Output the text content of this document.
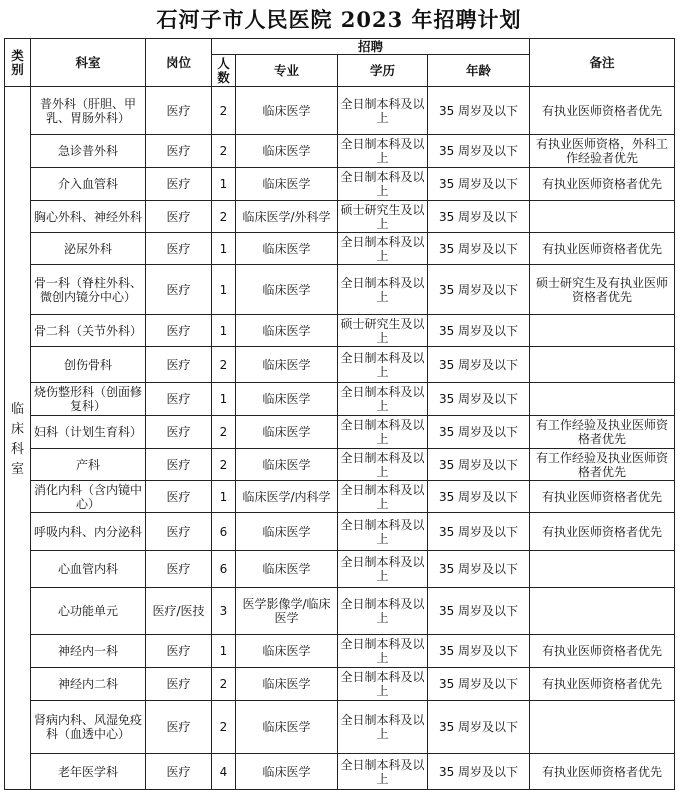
石河子市人民医院 2023 年招聘计划
类别	科室	岗位	招聘				备注
			人数	专业	学历	年龄	
临床科室	普外科（肝胆、甲乳、胃肠外科）	医疗	2	临床医学	全日制本科及以上	35 周岁及以下	有执业医师资格者优先
	急诊普外科	医疗	2	临床医学	全日制本科及以上	35 周岁及以下	有执业医师资格，外科工作经验者优先
	介入血管科	医疗	1	临床医学	全日制本科及以上	35 周岁及以下	有执业医师资格者优先
	胸心外科、神经外科	医疗	2	临床医学/外科学	硕士研究生及以上	35 周岁及以下	
	泌尿外科	医疗	1	临床医学	全日制本科及以上	35 周岁及以下	有执业医师资格者优先
	骨一科（脊柱外科、微创内镜分中心）	医疗	1	临床医学	全日制本科及以上	35 周岁及以下	硕士研究生及有执业医师资格者优先
	骨二科（关节外科）	医疗	1	临床医学	硕士研究生及以上	35 周岁及以下	
	创伤骨科	医疗	2	临床医学	全日制本科及以上	35 周岁及以下	
	烧伤整形科（创面修复科）	医疗	1	临床医学	全日制本科及以上	35 周岁及以下	
	妇科（计划生育科）	医疗	2	临床医学	全日制本科及以上	35 周岁及以下	有工作经验及执业医师资格者优先
	产科	医疗	2	临床医学	全日制本科及以上	35 周岁及以下	有工作经验及执业医师资格者优先
	消化内科（含内镜中心）	医疗	1	临床医学/内科学	全日制本科及以上	35 周岁及以下	有执业医师资格者优先
	呼吸内科、内分泌科	医疗	6	临床医学	全日制本科及以上	35 周岁及以下	有执业医师资格者优先
	心血管内科	医疗	6	临床医学	全日制本科及以上	35 周岁及以下	
	心功能单元	医疗/医技	3	医学影像学/临床医学	全日制本科及以上	35 周岁及以下	
	神经内一科	医疗	1	临床医学	全日制本科及以上	35 周岁及以下	有执业医师资格者优先
	神经内二科	医疗	2	临床医学	全日制本科及以上	35 周岁及以下	有执业医师资格者优先
	肾病内科、风湿免疫科（血透中心）	医疗	2	临床医学	全日制本科及以上	35 周岁及以下	
	老年医学科	医疗	4	临床医学	全日制本科及以上	35 周岁及以下	有执业医师资格者优先
